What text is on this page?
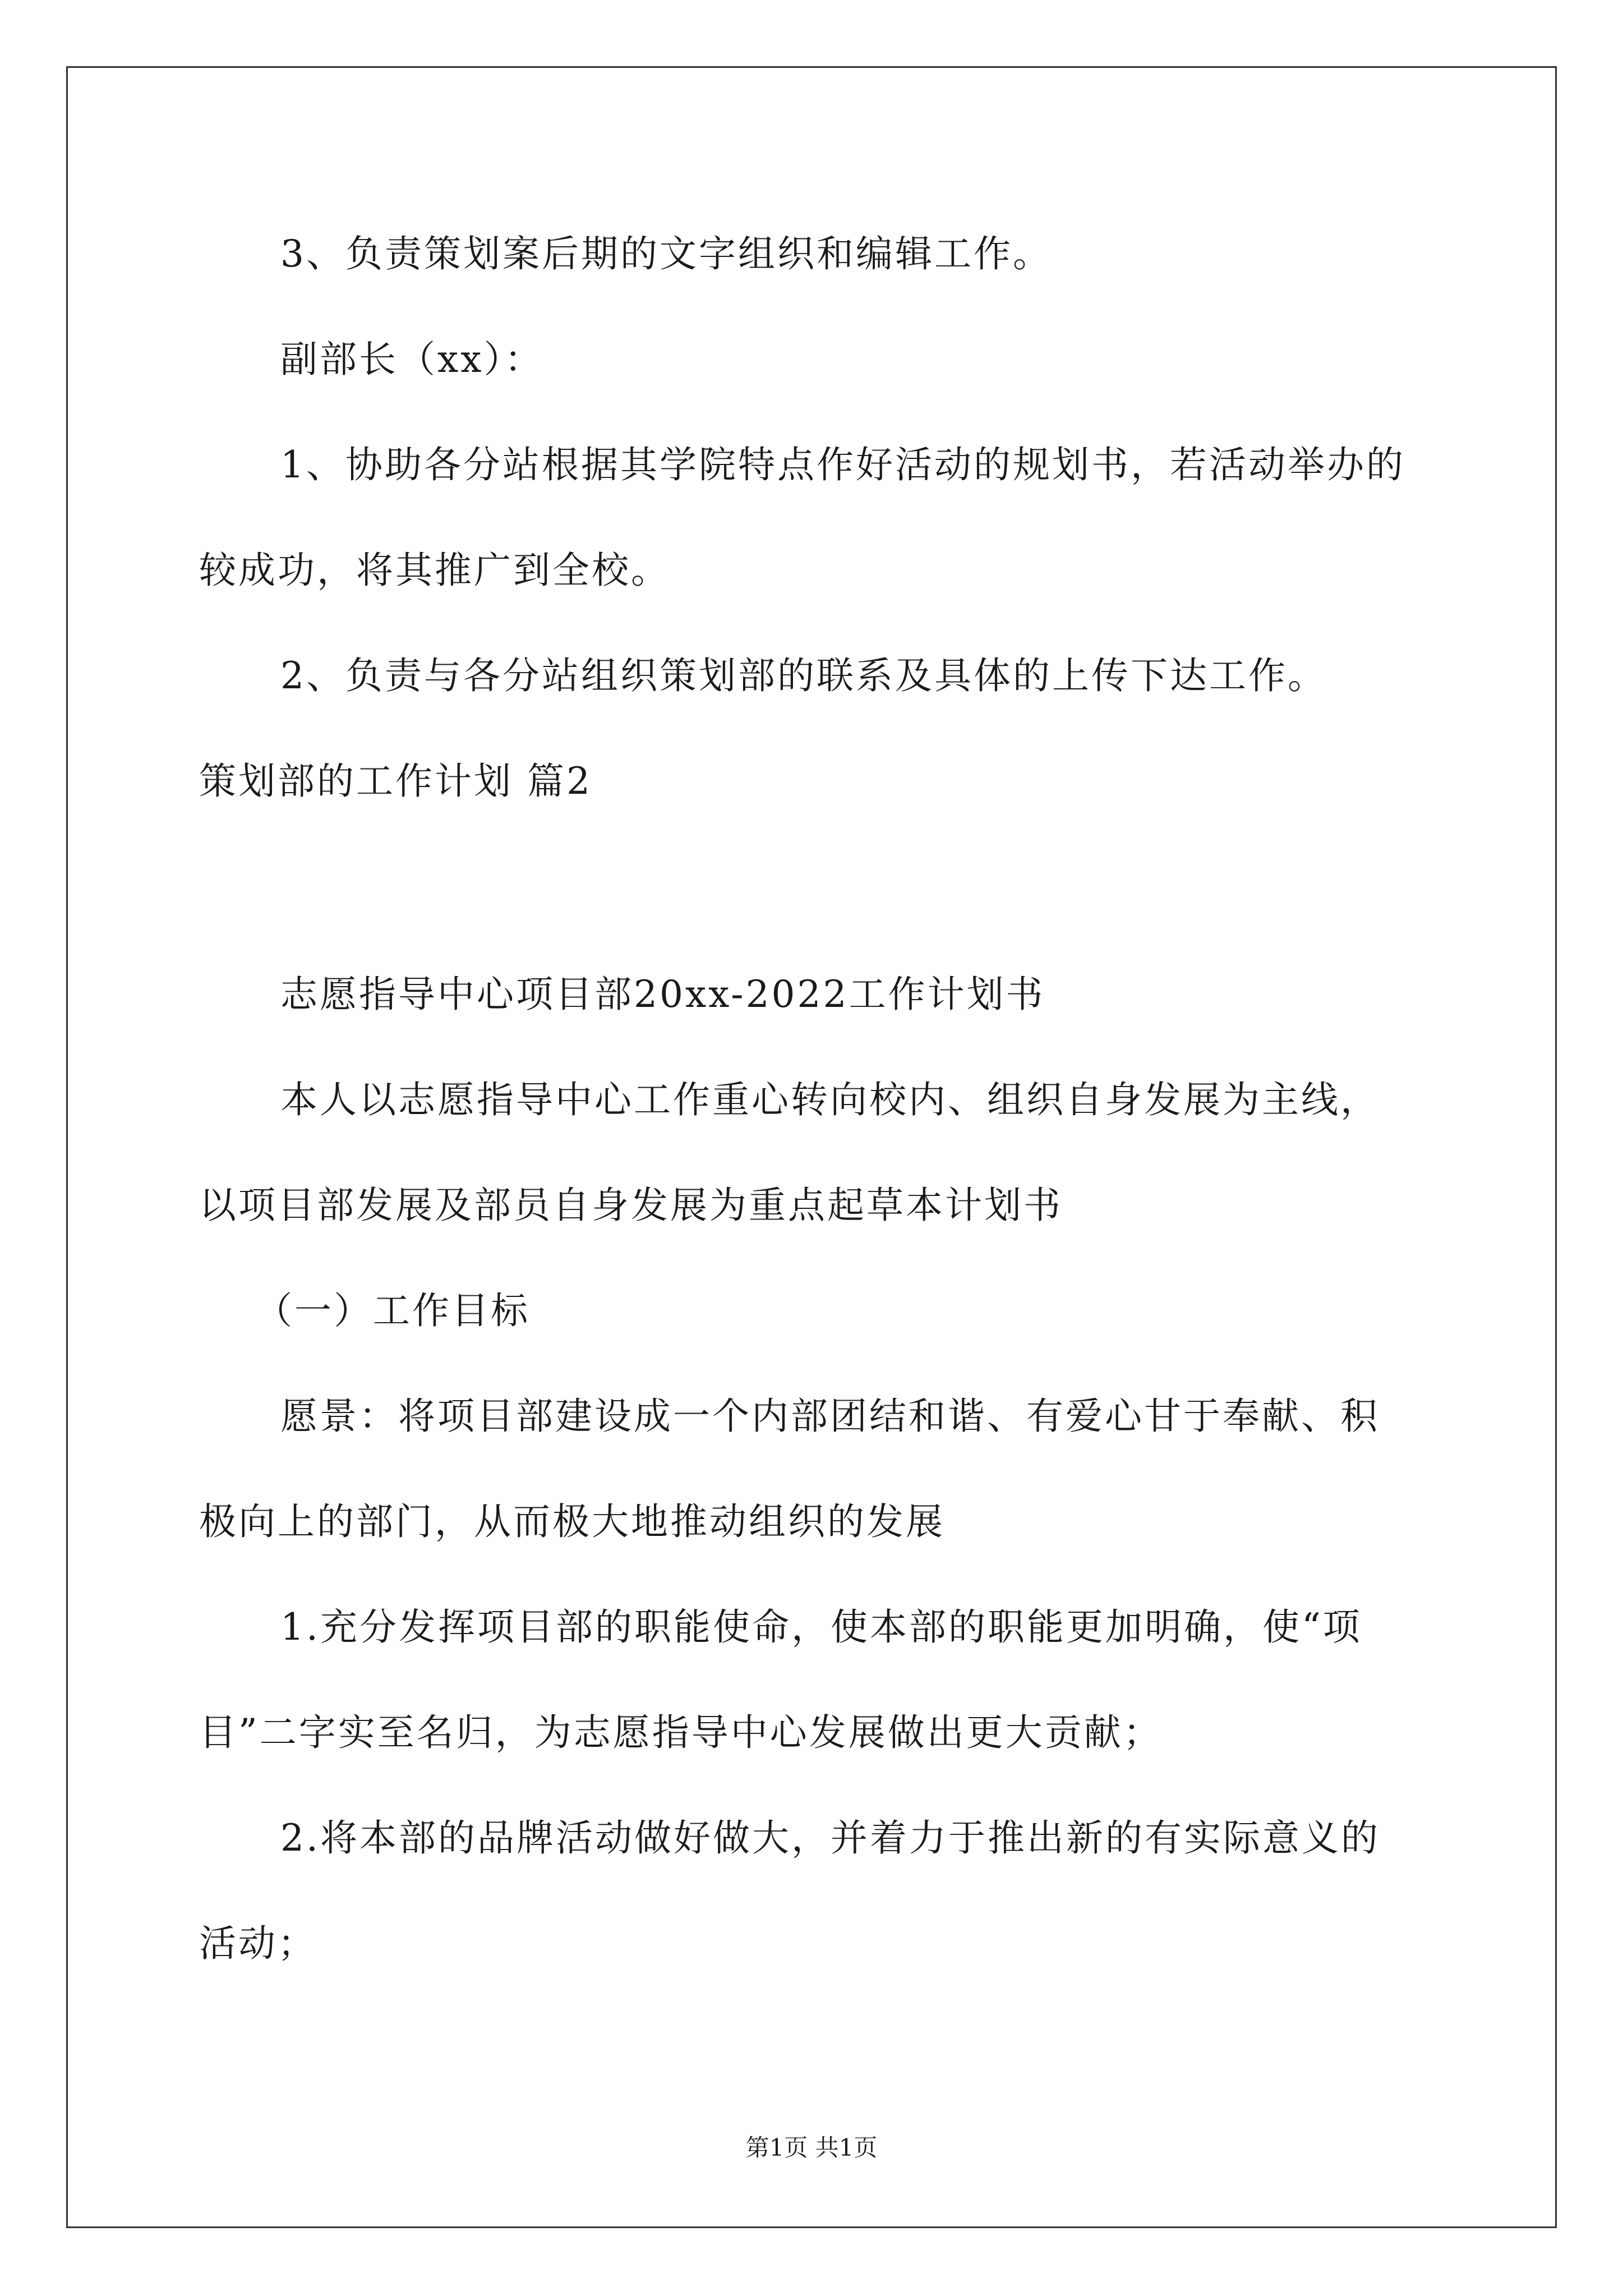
3、负责策划案后期的文字组织和编辑工作。
副部长（xx）：
1、协助各分站根据其学院特点作好活动的规划书，若活动举办的
较成功，将其推广到全校。
2、负责与各分站组织策划部的联系及具体的上传下达工作。
策划部的工作计划 篇2
志愿指导中心项目部20xx-2022工作计划书
本人以志愿指导中心工作重心转向校内、组织自身发展为主线，
以项目部发展及部员自身发展为重点起草本计划书
（一）工作目标
愿景：将项目部建设成一个内部团结和谐、有爱心甘于奉献、积
极向上的部门，从而极大地推动组织的发展
1.充分发挥项目部的职能使命，使本部的职能更加明确，使“项
目”二字实至名归，为志愿指导中心发展做出更大贡献；
2.将本部的品牌活动做好做大，并着力于推出新的有实际意义的
活动；
第1页 共1页
